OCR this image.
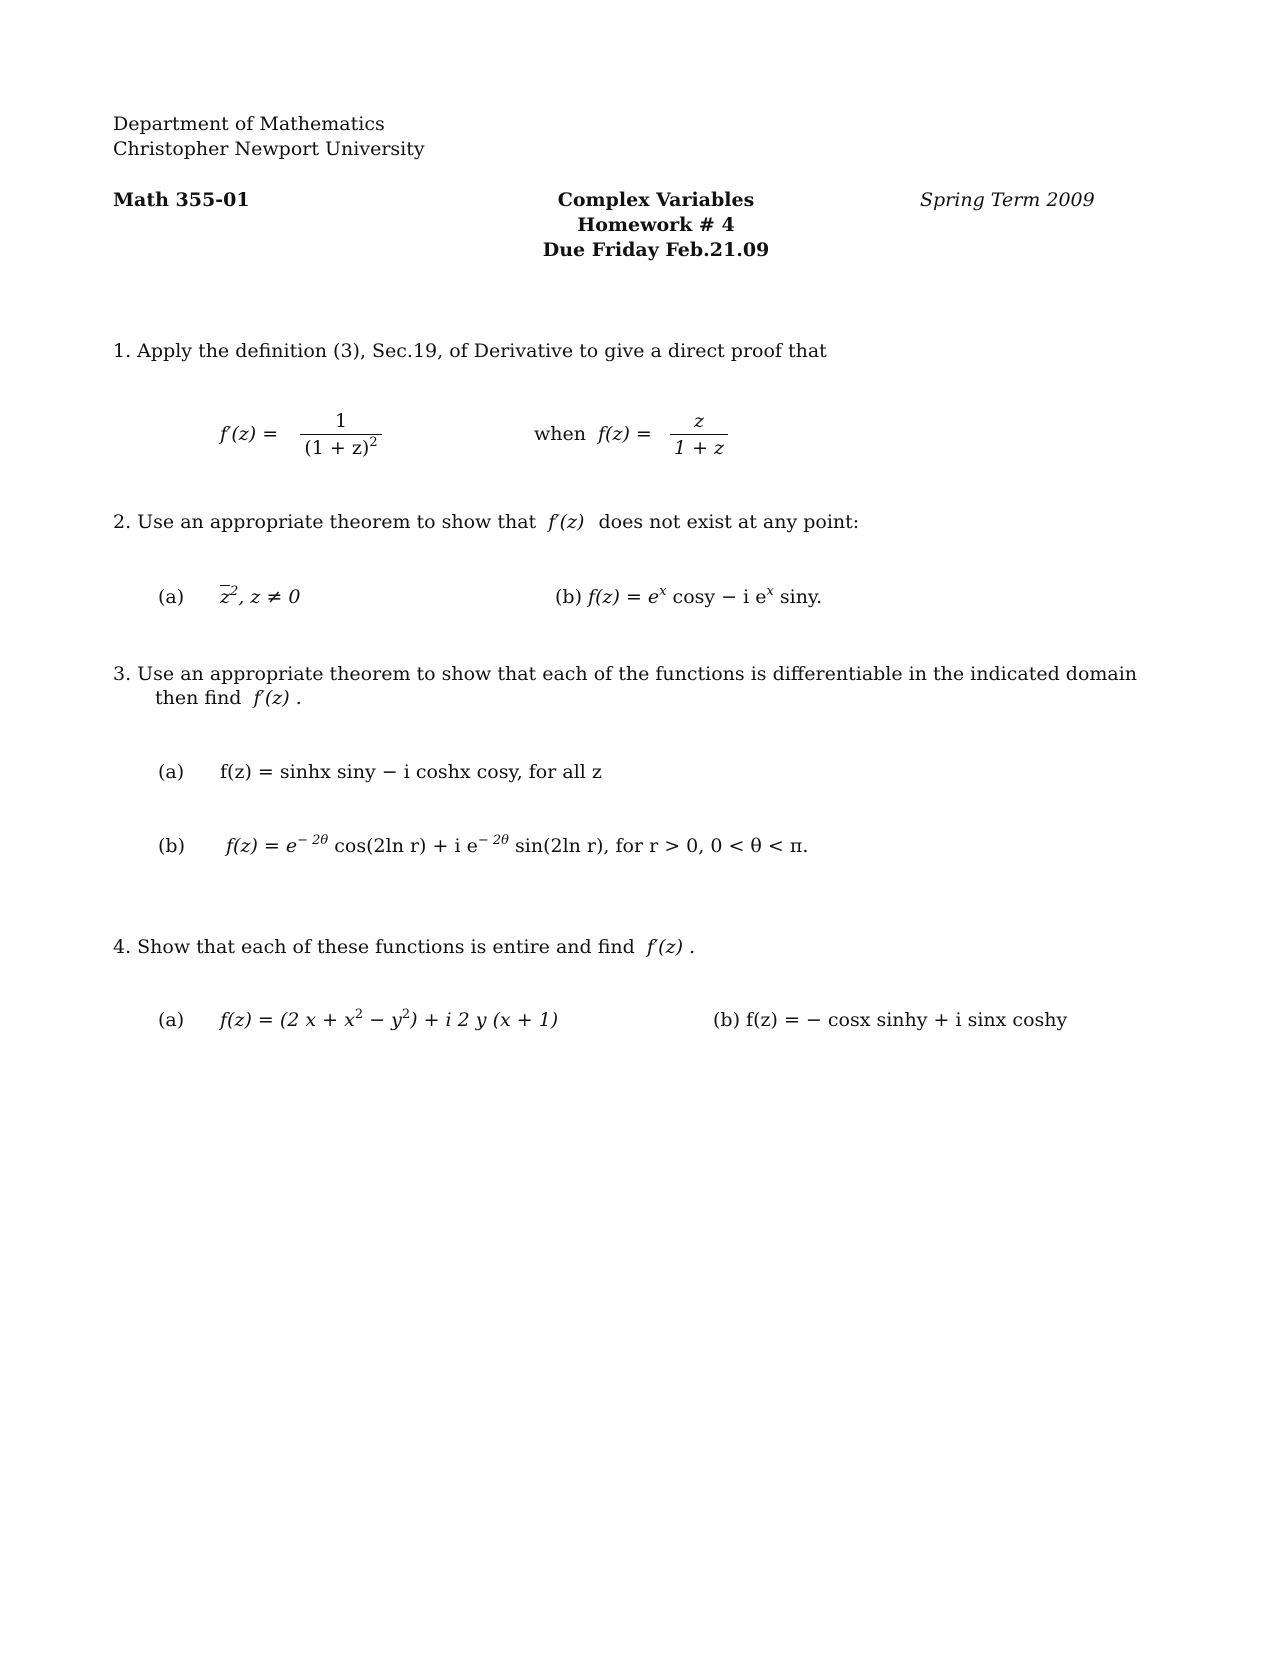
Department of Mathematics
Christopher Newport University
Math 355-01	Complex Variables
Homework # 4
Due Friday Feb.21.09
Spring Term 2009
1. Apply the definition (3), Sec.19, of Derivative to give a direct proof that
f′(z) =
1
$(1 + z)^2$	when f(z) =
z
1 + z
2. Use an appropriate theorem to show that f′(z) does not exist at any point:
(a) $\overline{z}^2$, z ≠ 0	(b) $f(z) = e^x$ cosy − i $e^x$ siny.
3. Use an appropriate theorem to show that each of the functions is differentiable in the indicated domain
then find f′(z) .
(a) f(z) = sinhx siny − i coshx cosy, for all z
(b) $f(z) = e^{- 2\theta}$ cos(2ln r) + i $e^{- 2\theta}$ sin(2ln r), for r > 0, 0 < θ < π.
4. Show that each of these functions is entire and find f′(z) .
(a) f(z) = (2 $x + x^2 - y^2) + i$ 2 y (x + 1)	(b) f(z) = − cosx sinhy + i sinx coshy
